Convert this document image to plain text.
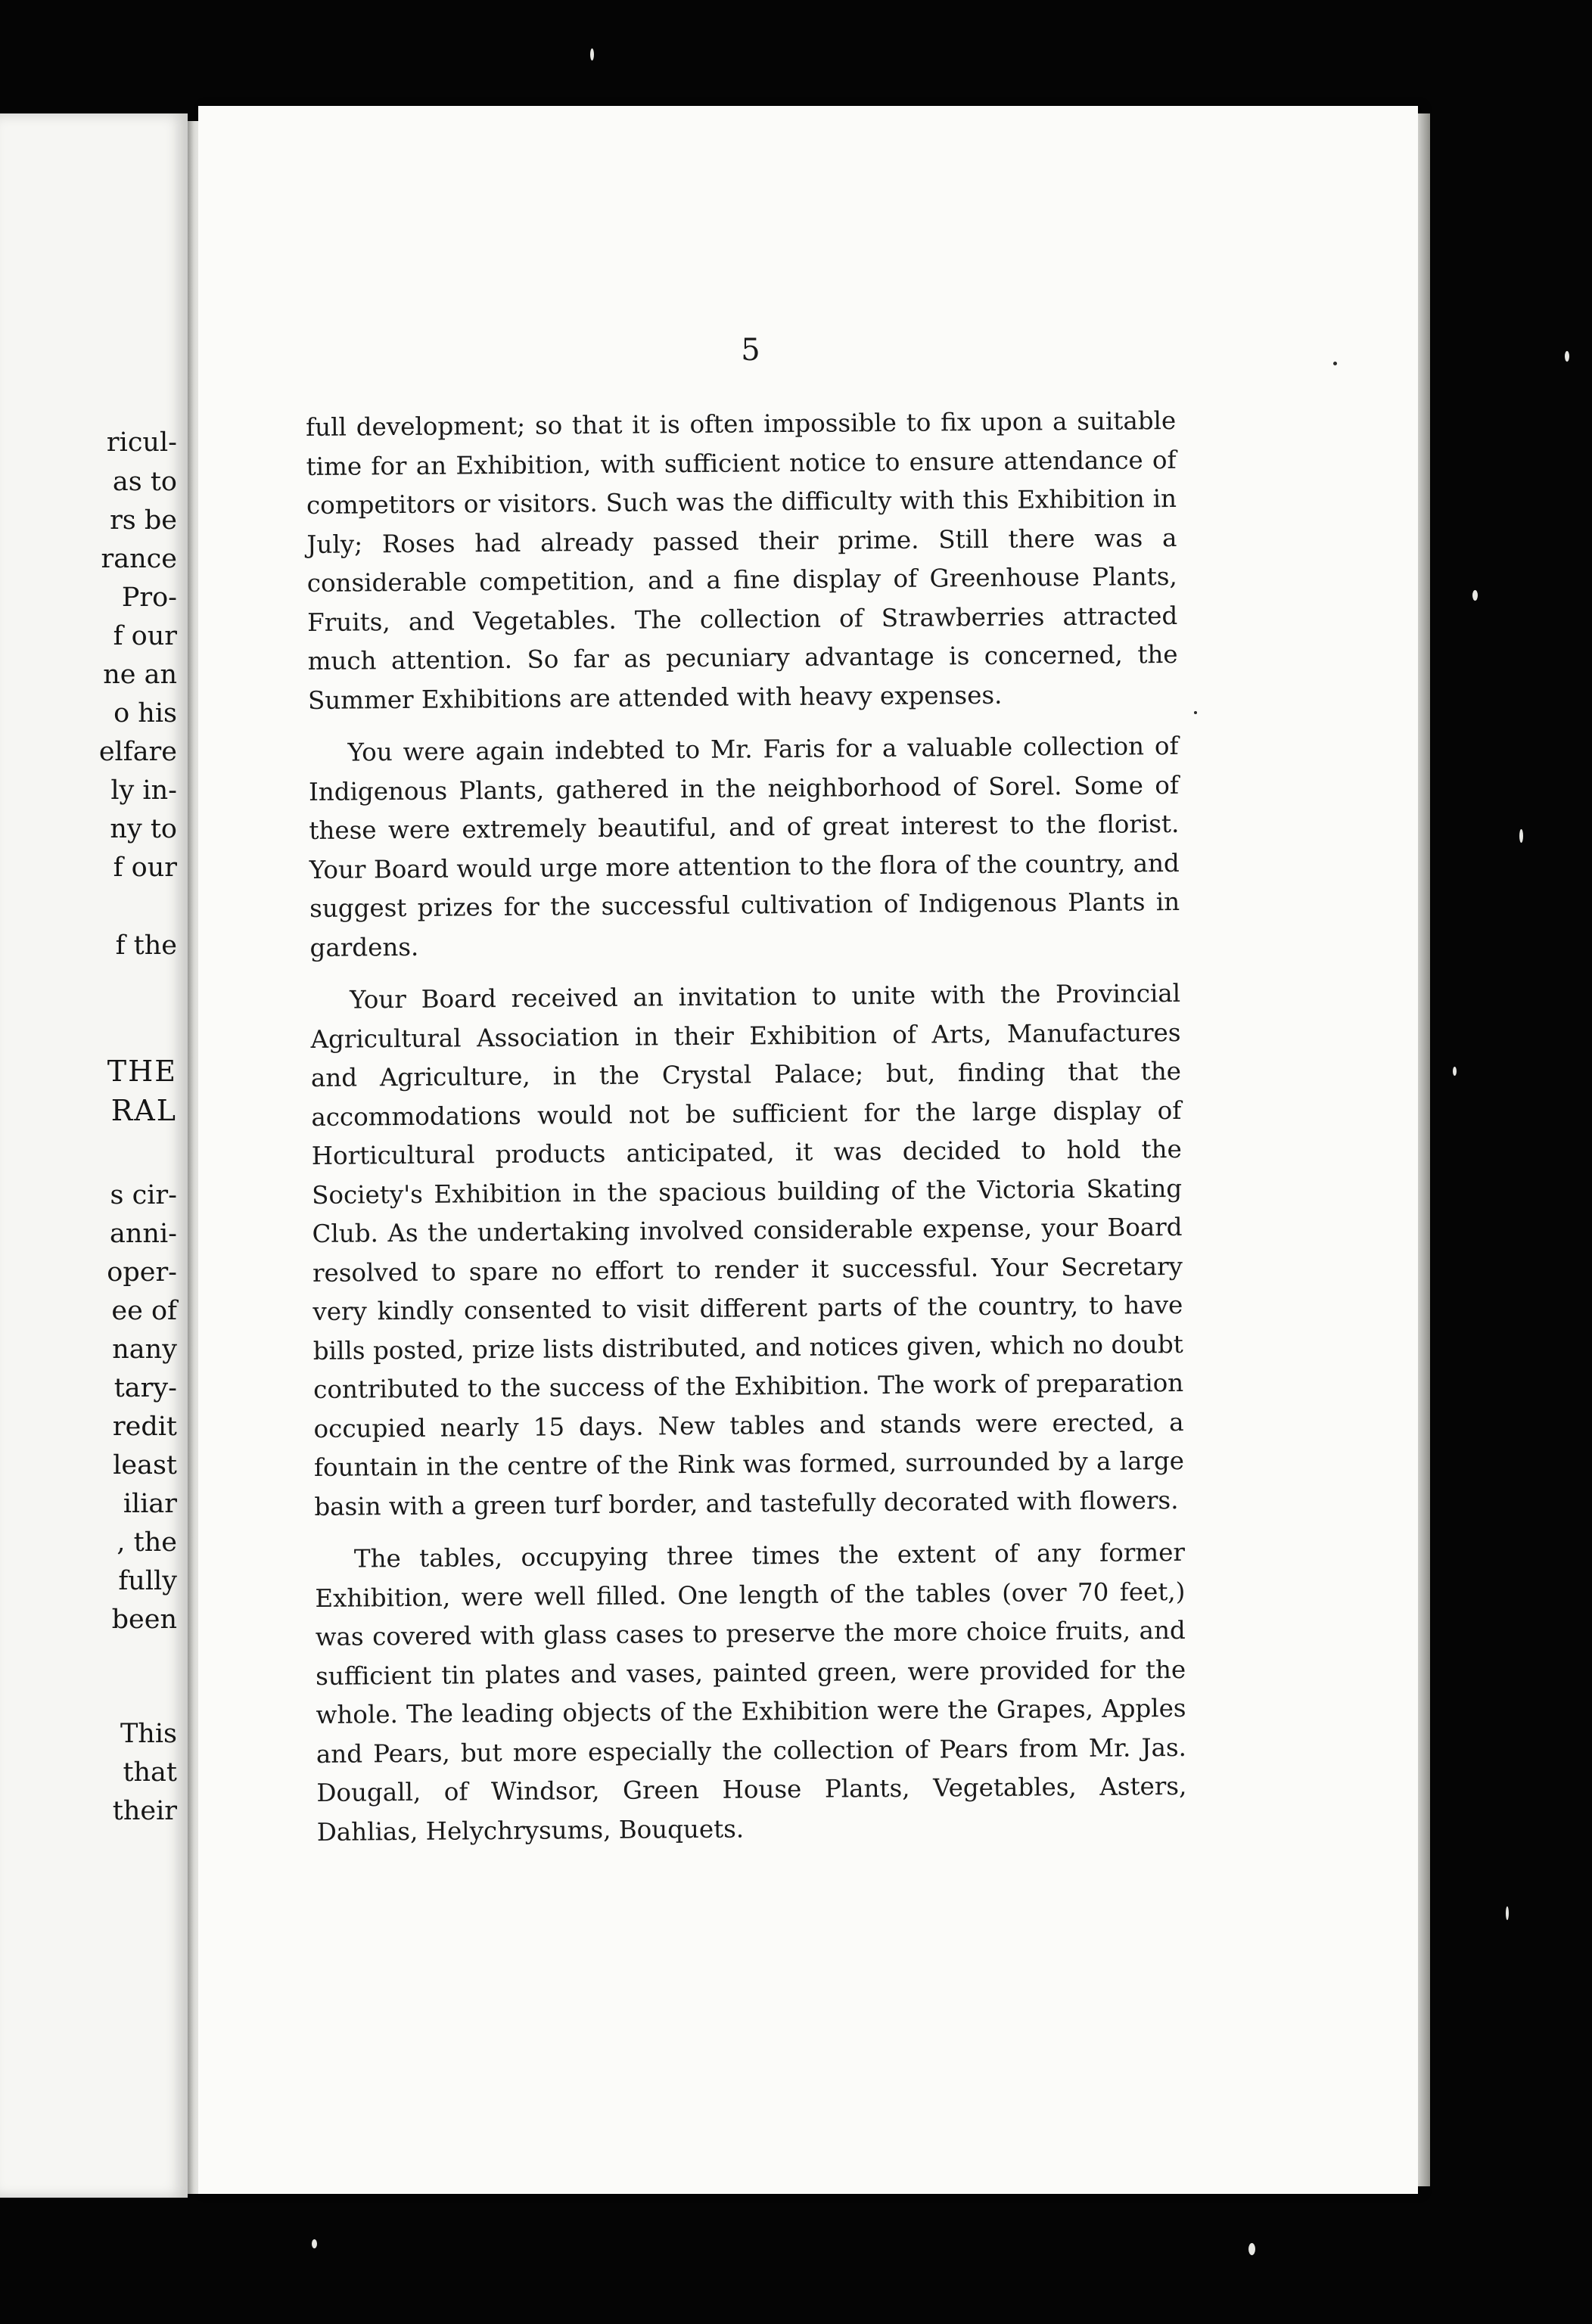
ricul-
as to
rs be
rance
Pro-
f our
ne an
o his
elfare
ly in-
ny to
f our
f the
THE
RAL
s cir-
anni-
oper-
ee of
nany
tary-
redit
least
iliar
, the
fully
been
This
that
their
5

full development; so that it is often impossible to fix upon a suitable time for an Exhibition, with sufficient notice to ensure attendance of competitors or visitors. Such was the difficulty with this Exhibition in July; Roses had already passed their prime. Still there was a considerable competition, and a fine display of Greenhouse Plants, Fruits, and Vegetables. The collection of Strawberries attracted much attention. So far as pecuniary advantage is concerned, the Summer Exhibitions are attended with heavy expenses.

You were again indebted to Mr. Faris for a valuable collection of Indigenous Plants, gathered in the neighborhood of Sorel. Some of these were extremely beautiful, and of great interest to the florist. Your Board would urge more attention to the flora of the country, and suggest prizes for the successful cultivation of Indigenous Plants in gardens.

Your Board received an invitation to unite with the Provincial Agricultural Association in their Exhibition of Arts, Manufactures and Agriculture, in the Crystal Palace; but, finding that the accommodations would not be sufficient for the large display of Horticultural products anticipated, it was decided to hold the Society's Exhibition in the spacious building of the Victoria Skating Club. As the undertaking involved considerable expense, your Board resolved to spare no effort to render it successful. Your Secretary very kindly consented to visit different parts of the country, to have bills posted, prize lists distributed, and notices given, which no doubt contributed to the success of the Exhibition. The work of preparation occupied nearly 15 days. New tables and stands were erected, a fountain in the centre of the Rink was formed, surrounded by a large basin with a green turf border, and tastefully decorated with flowers.

The tables, occupying three times the extent of any former Exhibition, were well filled. One length of the tables (over 70 feet,) was covered with glass cases to preserve the more choice fruits, and sufficient tin plates and vases, painted green, were provided for the whole. The leading objects of the Exhibition were the Grapes, Apples and Pears, but more especially the collection of Pears from Mr. Jas. Dougall, of Windsor, Green House Plants, Vegetables, Asters, Dahlias, Helychrysums, Bouquets.
